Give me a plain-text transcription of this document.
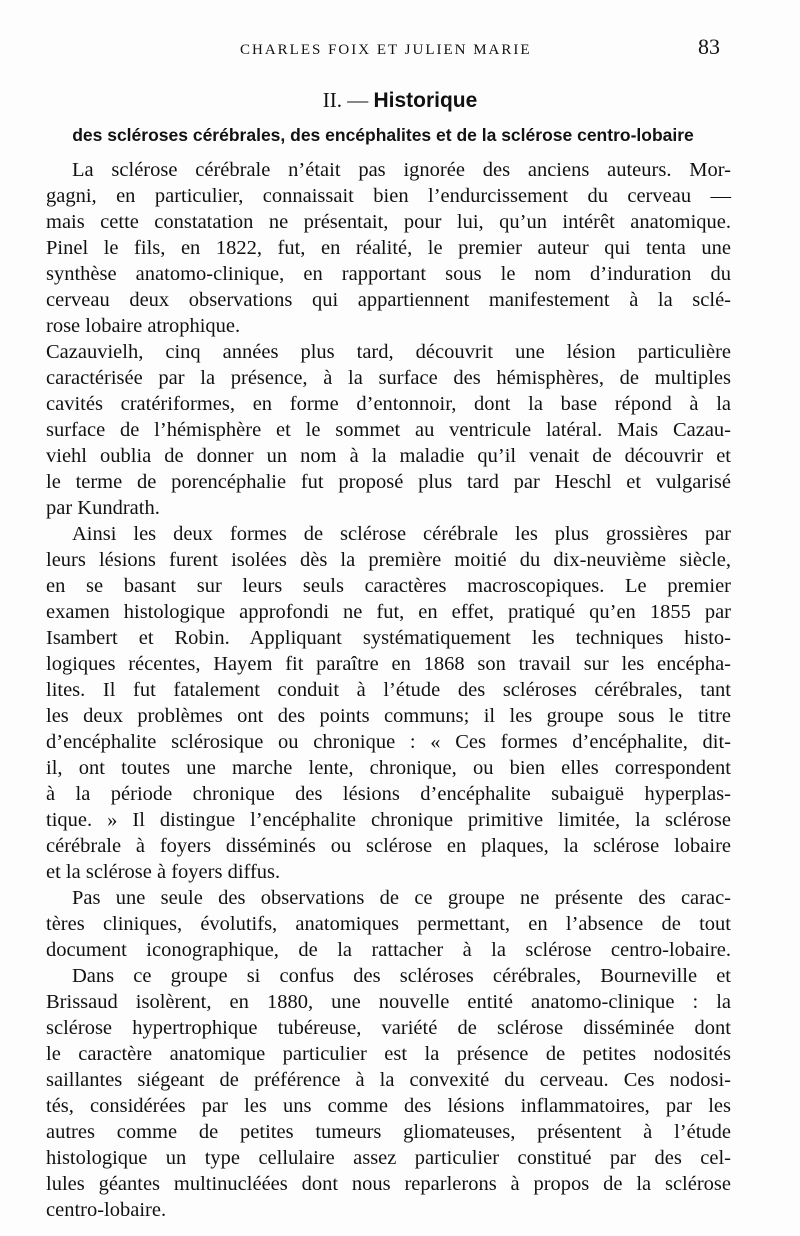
CHARLES FOIX ET JULIEN MARIE	83
II. — Historique
des scléroses cérébrales, des encéphalites et de la sclérose centro-lobaire
La sclérose cérébrale n’était pas ignorée des anciens auteurs. Mor-
gagni, en particulier, connaissait bien l’endurcissement du cerveau —
mais cette constatation ne présentait, pour lui, qu’un intérêt anatomique.
Pinel le fils, en 1822, fut, en réalité, le premier auteur qui tenta une
synthèse anatomo-clinique, en rapportant sous le nom d’induration du
cerveau deux observations qui appartiennent manifestement à la sclé-
rose lobaire atrophique.
Cazauvielh, cinq années plus tard, découvrit une lésion particulière
caractérisée par la présence, à la surface des hémisphères, de multiples
cavités cratériformes, en forme d’entonnoir, dont la base répond à la
surface de l’hémisphère et le sommet au ventricule latéral. Mais Cazau-
viehl oublia de donner un nom à la maladie qu’il venait de découvrir et
le terme de porencéphalie fut proposé plus tard par Heschl et vulgarisé
par Kundrath.
Ainsi les deux formes de sclérose cérébrale les plus grossières par
leurs lésions furent isolées dès la première moitié du dix-neuvième siècle,
en se basant sur leurs seuls caractères macroscopiques. Le premier
examen histologique approfondi ne fut, en effet, pratiqué qu’en 1855 par
Isambert et Robin. Appliquant systématiquement les techniques histo-
logiques récentes, Hayem fit paraître en 1868 son travail sur les encépha-
lites. Il fut fatalement conduit à l’étude des scléroses cérébrales, tant
les deux problèmes ont des points communs; il les groupe sous le titre
d’encéphalite sclérosique ou chronique : « Ces formes d’encéphalite, dit-
il, ont toutes une marche lente, chronique, ou bien elles correspondent
à la période chronique des lésions d’encéphalite subaiguë hyperplas-
tique. » Il distingue l’encéphalite chronique primitive limitée, la sclérose
cérébrale à foyers disséminés ou sclérose en plaques, la sclérose lobaire
et la sclérose à foyers diffus.
Pas une seule des observations de ce groupe ne présente des carac-
tères cliniques, évolutifs, anatomiques permettant, en l’absence de tout
document iconographique, de la rattacher à la sclérose centro-lobaire.
Dans ce groupe si confus des scléroses cérébrales, Bourneville et
Brissaud isolèrent, en 1880, une nouvelle entité anatomo-clinique : la
sclérose hypertrophique tubéreuse, variété de sclérose disséminée dont
le caractère anatomique particulier est la présence de petites nodosités
saillantes siégeant de préférence à la convexité du cerveau. Ces nodosi-
tés, considérées par les uns comme des lésions inflammatoires, par les
autres comme de petites tumeurs gliomateuses, présentent à l’étude
histologique un type cellulaire assez particulier constitué par des cel-
lules géantes multinucléées dont nous reparlerons à propos de la sclérose
centro-lobaire.
